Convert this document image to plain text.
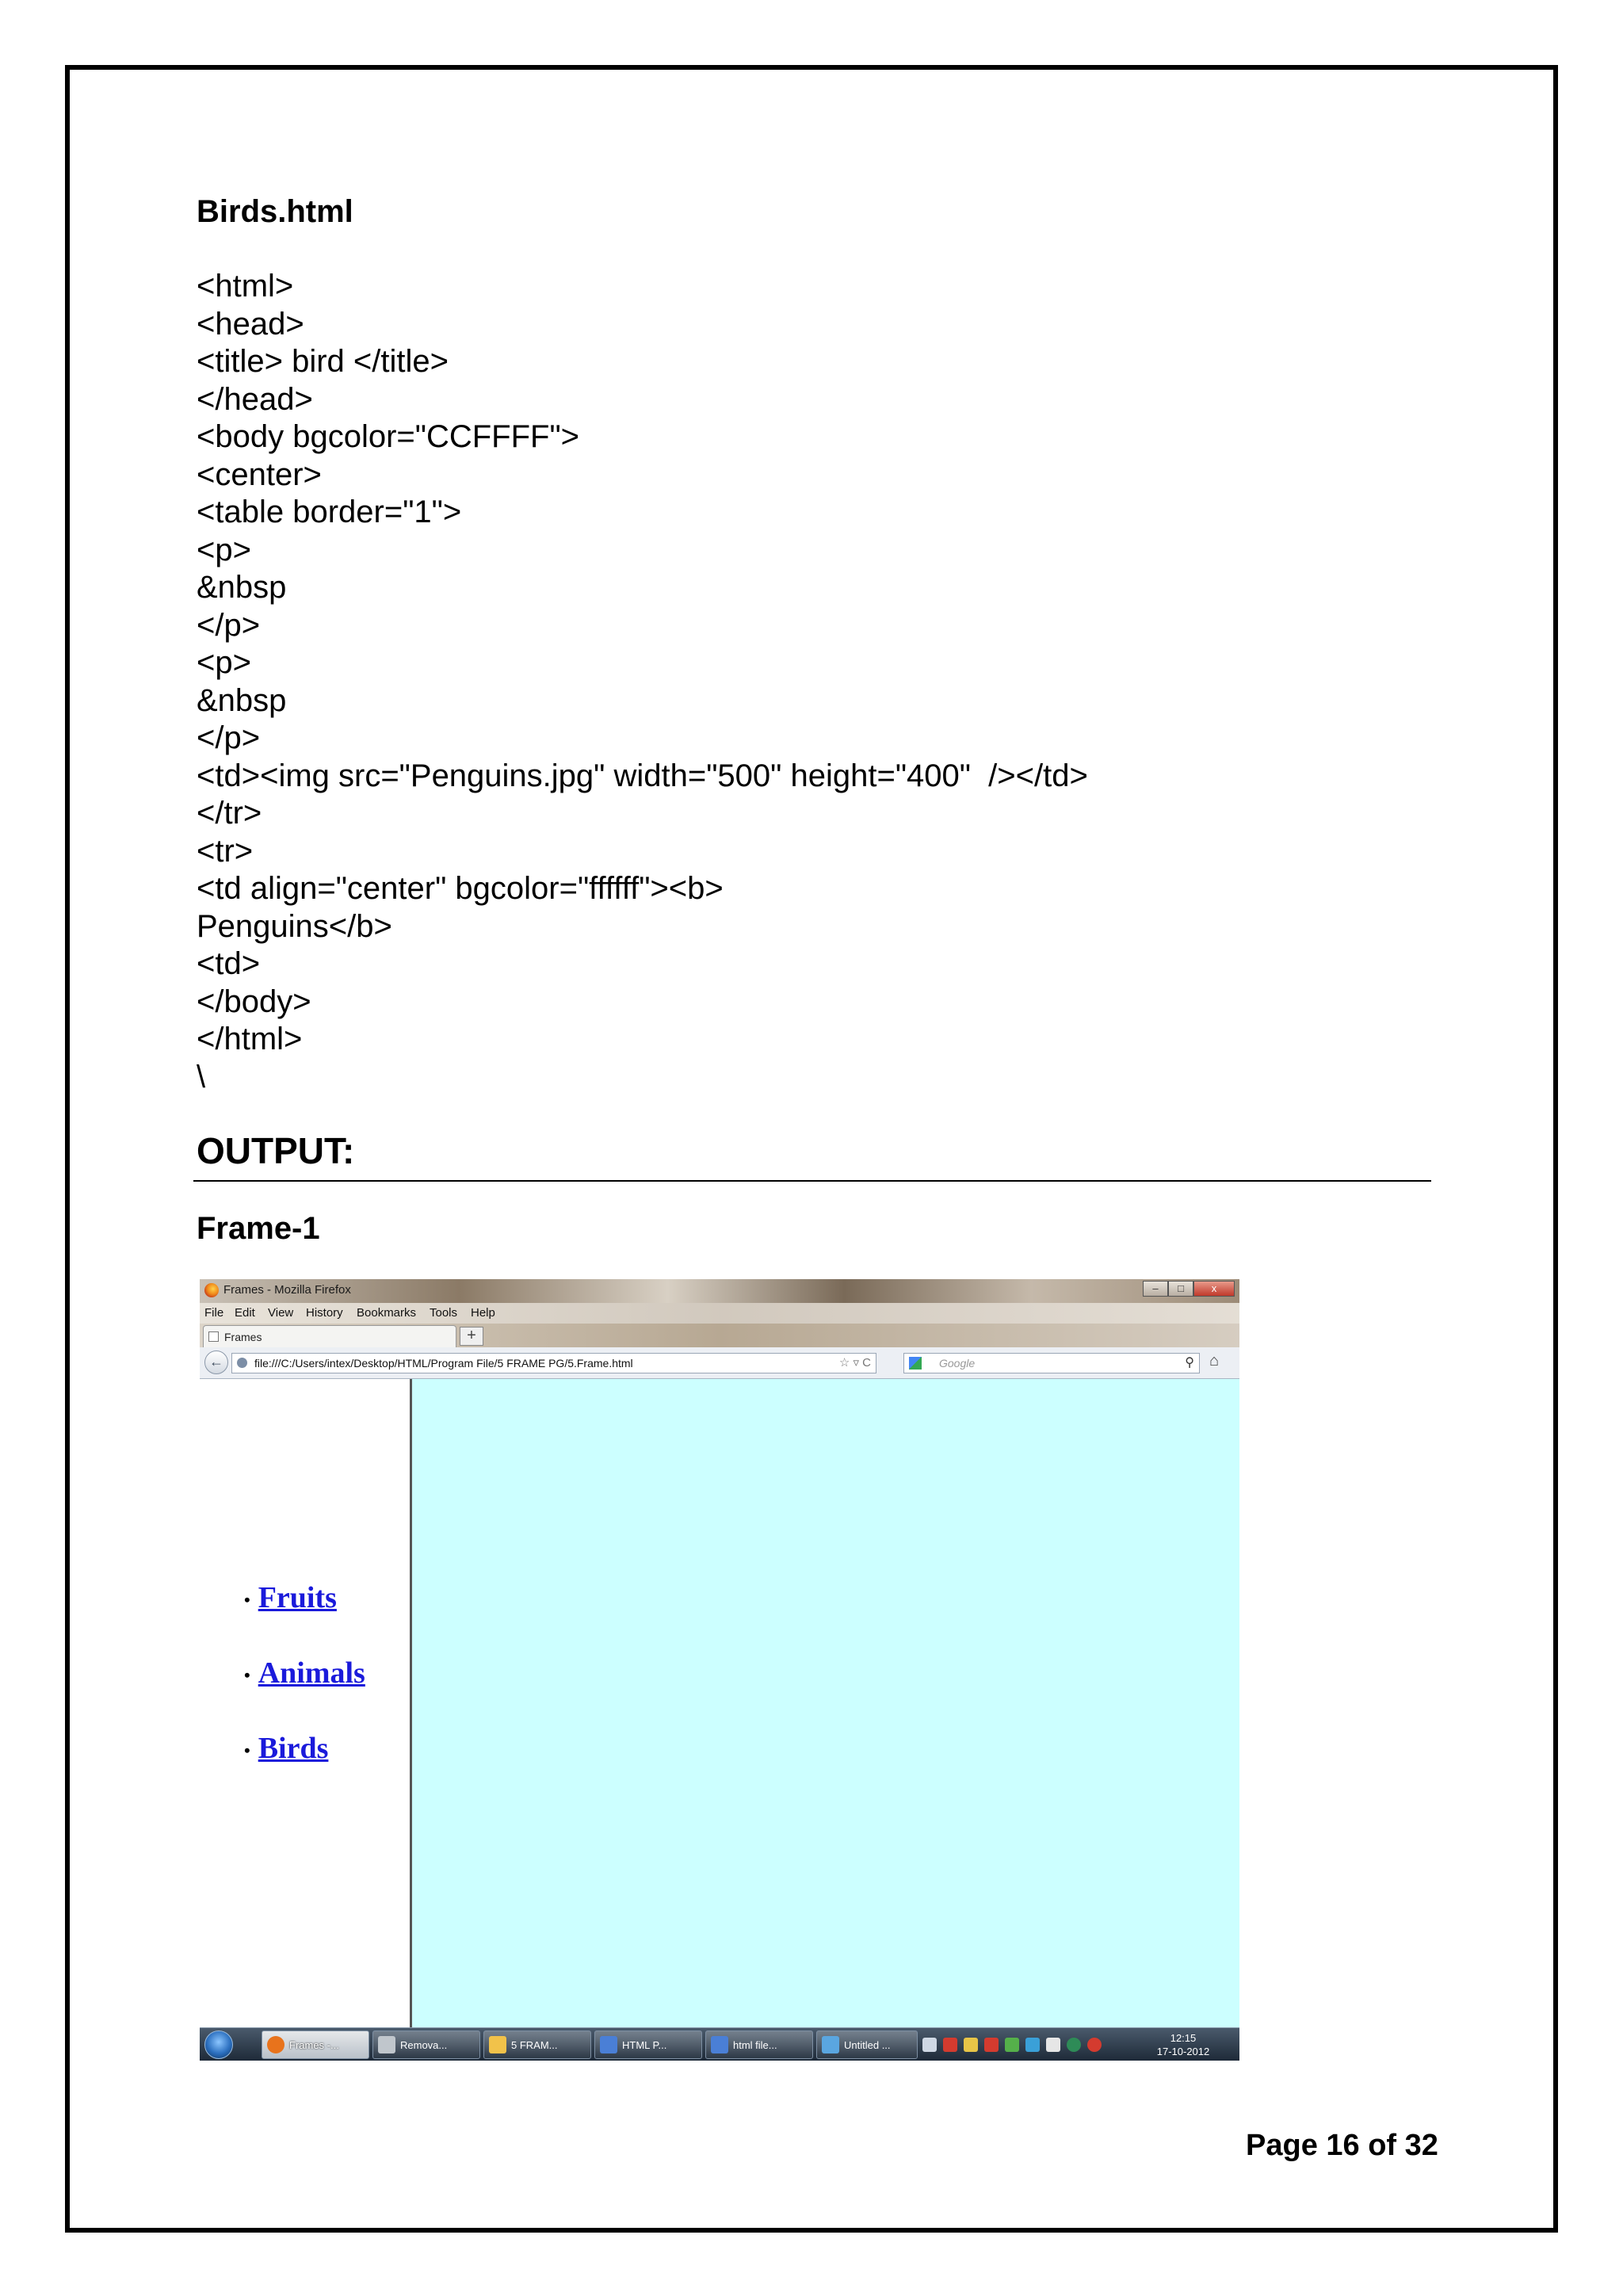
Birds.html
<html>
<head>
<title> bird </title>
</head>
<body bgcolor="CCFFFF">
<center>
<table border="1">
<p>
&nbsp
</p>
<p>
&nbsp
</p>
<td><img src="Penguins.jpg" width="500" height="400"  /></td>
</tr>
<tr>
<td align="center" bgcolor="ffffff"><b>
Penguins</b>
<td>
</body>
</html>
\
OUTPUT:
Frame-1
Frames - Mozilla Firefox	–	□	x
File Edit View History Bookmarks Tools Help
Frames	+
←	file:///C:/Users/intex/Desktop/HTML/Program File/5 FRAME PG/5.Frame.html	☆ ▿ C	Google	⚲ ⌂
• Fruits
• Animals
• Birds
Frames -...	Remova...	5 FRAM...	HTML P...	html file...	Untitled ...
12:15
17-10-2012
Page 16 of 32
